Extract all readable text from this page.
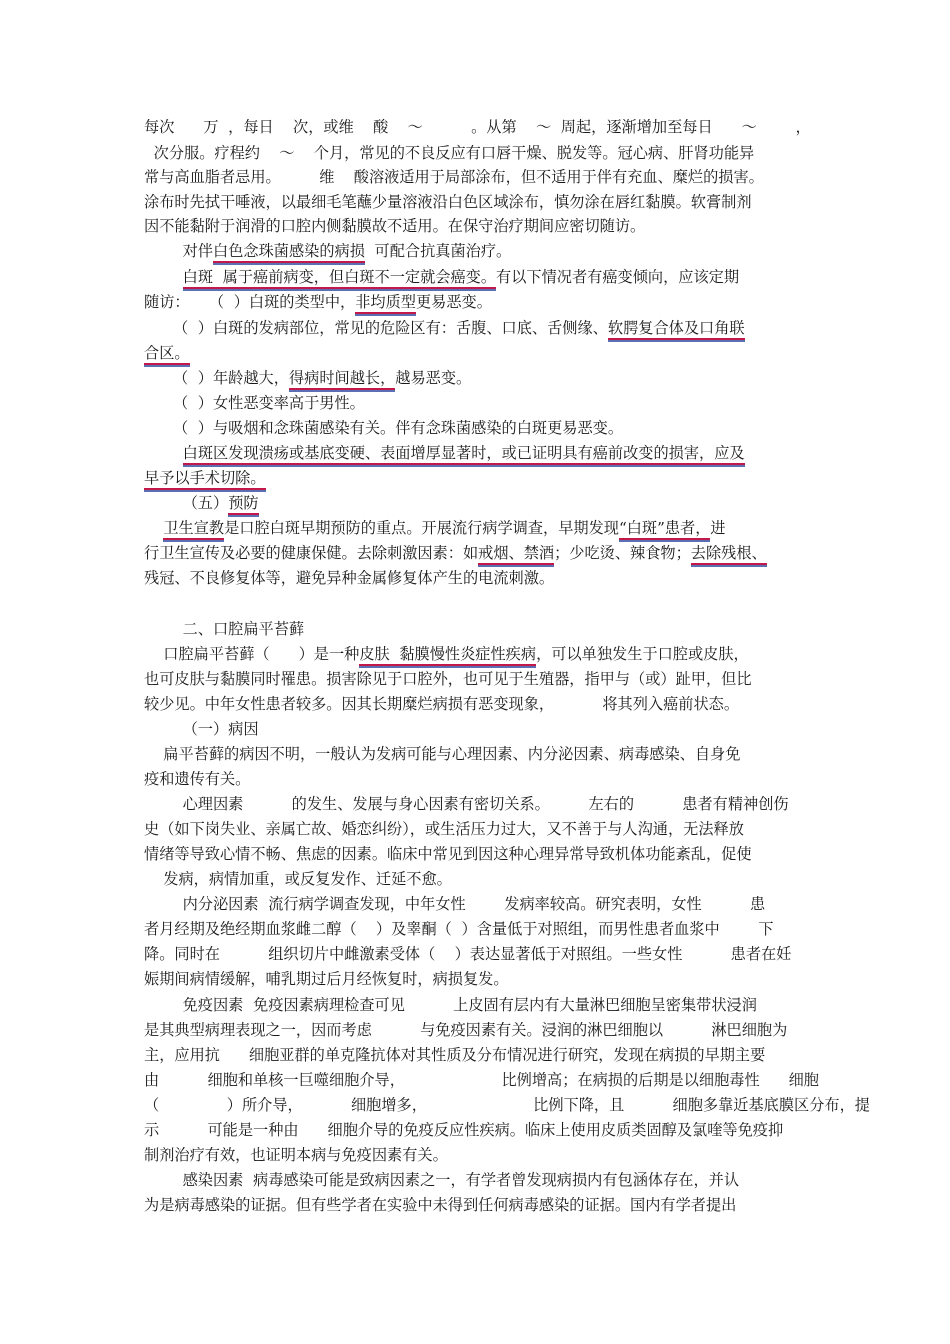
每次      万  ，每日    次，或维    酸    ～          。从第    ～  周起，逐渐增加至每日      ～        ，
次分服。疗程约    ～    个月，常见的不良反应有口唇干燥、脱发等。冠心病、肝肾功能异
常与高血脂者忌用。        维    酸溶液适用于局部涂布，但不适用于伴有充血、糜烂的损害。
涂布时先拭干唾液，以最细毛笔蘸少量溶液沿白色区域涂布，慎勿涂在唇红黏膜。软膏制剂
因不能黏附于润滑的口腔内侧黏膜故不适用。在保守治疗期间应密切随访。
对伴白色念珠菌感染的病损  可配合抗真菌治疗。
白斑  属于癌前病变，但白斑不一定就会癌变。有以下情况者有癌变倾向，应该定期
随访：    （  ）白斑的类型中，非均质型更易恶变。
（  ）白斑的发病部位，常见的危险区有：舌腹、口底、舌侧缘、软腭复合体及口角联
合区。
（  ）年龄越大，得病时间越长，越易恶变。
（  ）女性恶变率高于男性。
（  ）与吸烟和念珠菌感染有关。伴有念珠菌感染的白斑更易恶变。
白斑区发现溃疡或基底变硬、表面增厚显著时，或已证明具有癌前改变的损害，应及
早予以手术切除。
（五）预防
卫生宣教是口腔白斑早期预防的重点。开展流行病学调查，早期发现“白斑”患者，进
行卫生宣传及必要的健康保健。去除刺激因素：如戒烟、禁酒；少吃烫、辣食物；去除残根、
残冠、不良修复体等，避免异种金属修复体产生的电流刺激。
二、口腔扁平苔藓
口腔扁平苔藓（      ）是一种皮肤  黏膜慢性炎症性疾病，可以单独发生于口腔或皮肤，
也可皮肤与黏膜同时罹患。损害除见于口腔外，也可见于生殖器，指甲与（或）趾甲，但比
较少见。中年女性患者较多。因其长期糜烂病损有恶变现象，          将其列入癌前状态。
（一）病因
扁平苔藓的病因不明，一般认为发病可能与心理因素、内分泌因素、病毒感染、自身免
疫和遗传有关。
心理因素          的发生、发展与身心因素有密切关系。        左右的          患者有精神创伤
史（如下岗失业、亲属亡故、婚恋纠纷），或生活压力过大，又不善于与人沟通，无法释放
情绪等导致心情不畅、焦虑的因素。临床中常见到因这种心理异常导致机体功能紊乱，促使
发病，病情加重，或反复发作、迁延不愈。
内分泌因素  流行病学调查发现，中年女性        发病率较高。研究表明，女性          患
者月经期及绝经期血浆雌二醇（    ）及睾酮（  ）含量低于对照组，而男性患者血浆中        下
降。同时在          组织切片中雌激素受体（    ）表达显著低于对照组。一些女性          患者在妊
娠期间病情缓解，哺乳期过后月经恢复时，病损复发。
免疫因素  免疫因素病理检查可见          上皮固有层内有大量淋巴细胞呈密集带状浸润
是其典型病理表现之一，因而考虑          与免疫因素有关。浸润的淋巴细胞以          淋巴细胞为
主，应用抗      细胞亚群的单克隆抗体对其性质及分布情况进行研究，发现在病损的早期主要
由          细胞和单核一巨噬细胞介导，                    比例增高；在病损的后期是以细胞毒性      细胞
（              ）所介导，          细胞增多，                      比例下降，且          细胞多靠近基底膜区分布，提
示          可能是一种由      细胞介导的免疫反应性疾病。临床上使用皮质类固醇及氯喹等免疫抑
制剂治疗有效，也证明本病与免疫因素有关。
感染因素  病毒感染可能是致病因素之一，有学者曾发现病损内有包涵体存在，并认
为是病毒感染的证据。但有些学者在实验中未得到任何病毒感染的证据。国内有学者提出
